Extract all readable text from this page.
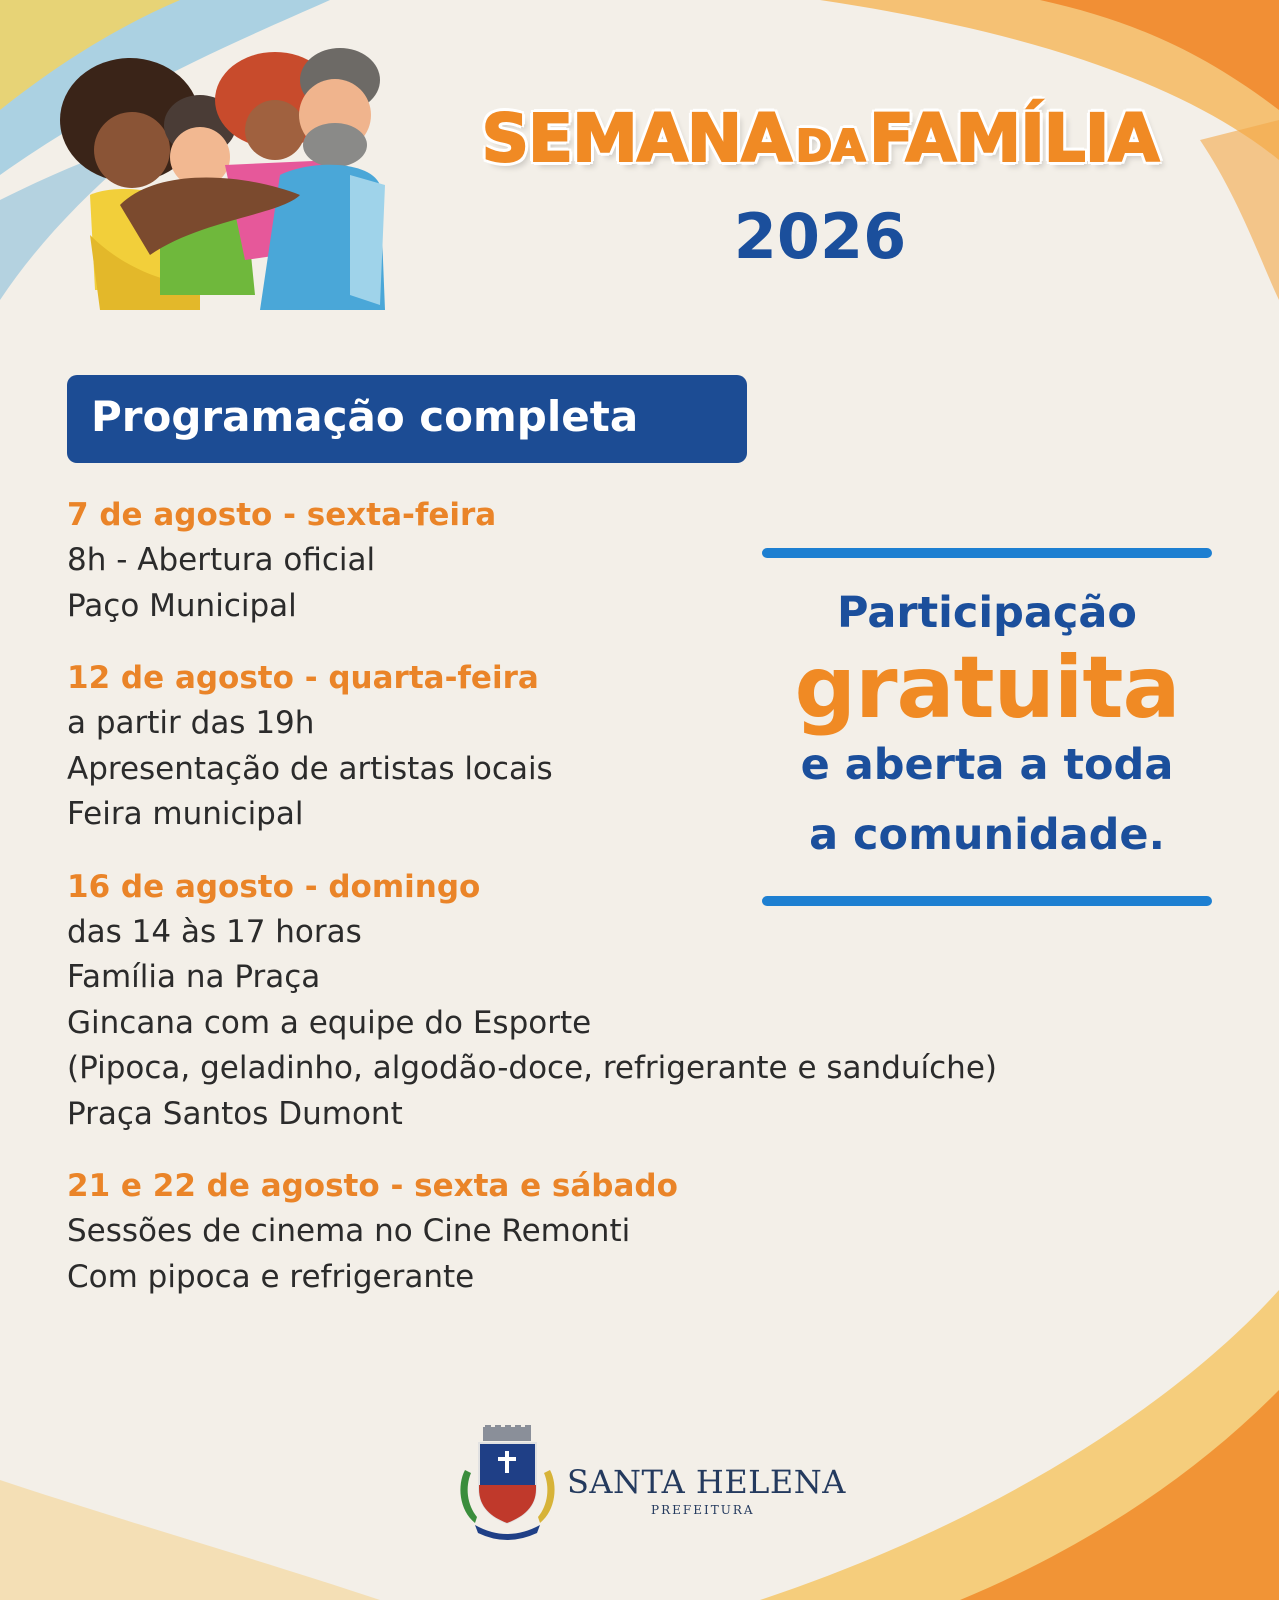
SEMANA DA FAMÍLIA
2026
Programação completa
7 de agosto - sexta-feira
8h - Abertura oficial
Paço Municipal
12 de agosto - quarta-feira
a partir das 19h
Apresentação de artistas locais
Feira municipal
16 de agosto - domingo
das 14 às 17 horas
Família na Praça
Gincana com a equipe do Esporte
(Pipoca, geladinho, algodão-doce, refrigerante e sanduíche)
Praça Santos Dumont
21 e 22 de agosto - sexta e sábado
Sessões de cinema no Cine Remonti
Com pipoca e refrigerante
Participação
gratuita
e aberta a toda
a comunidade.
SANTA HELENA
PREFEITURA
